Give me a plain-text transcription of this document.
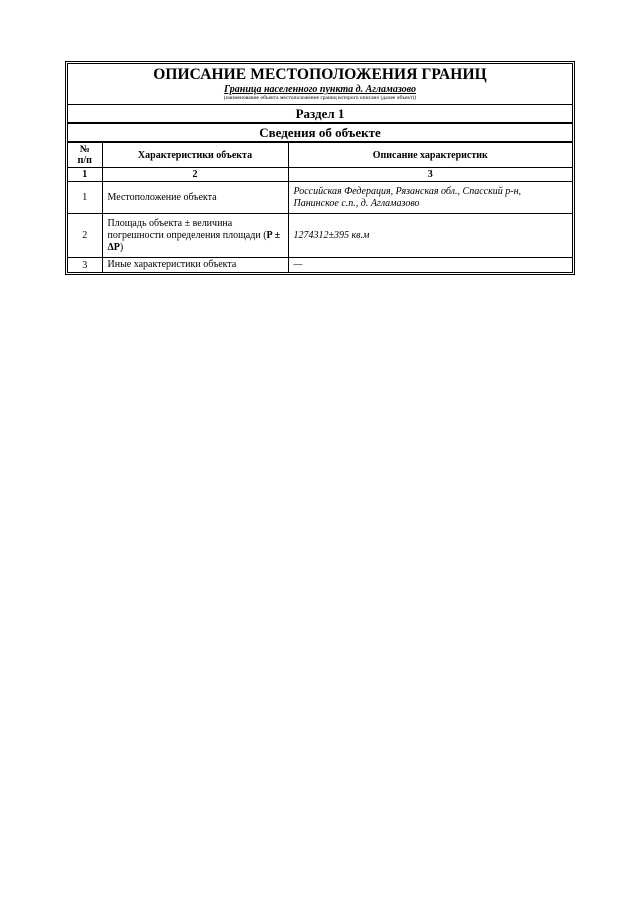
ОПИСАНИЕ МЕСТОПОЛОЖЕНИЯ ГРАНИЦ
Граница населенного пункта д. Агламазово
(наименование объекта местоположение границ которого описано (далее объект))
Раздел 1
Сведения об объекте
№
п/п	Характеристики объекта	Описание характеристик
1	2	3
1	Местоположение объекта	Российская Федерация, Рязанская обл., Спасский р-н, Панинское с.п., д. Агламазово
2	Площадь объекта ± величина погрешности определения площади (P ± ΔP)	1274312±395 кв.м
3	Иные характеристики объекта	—
